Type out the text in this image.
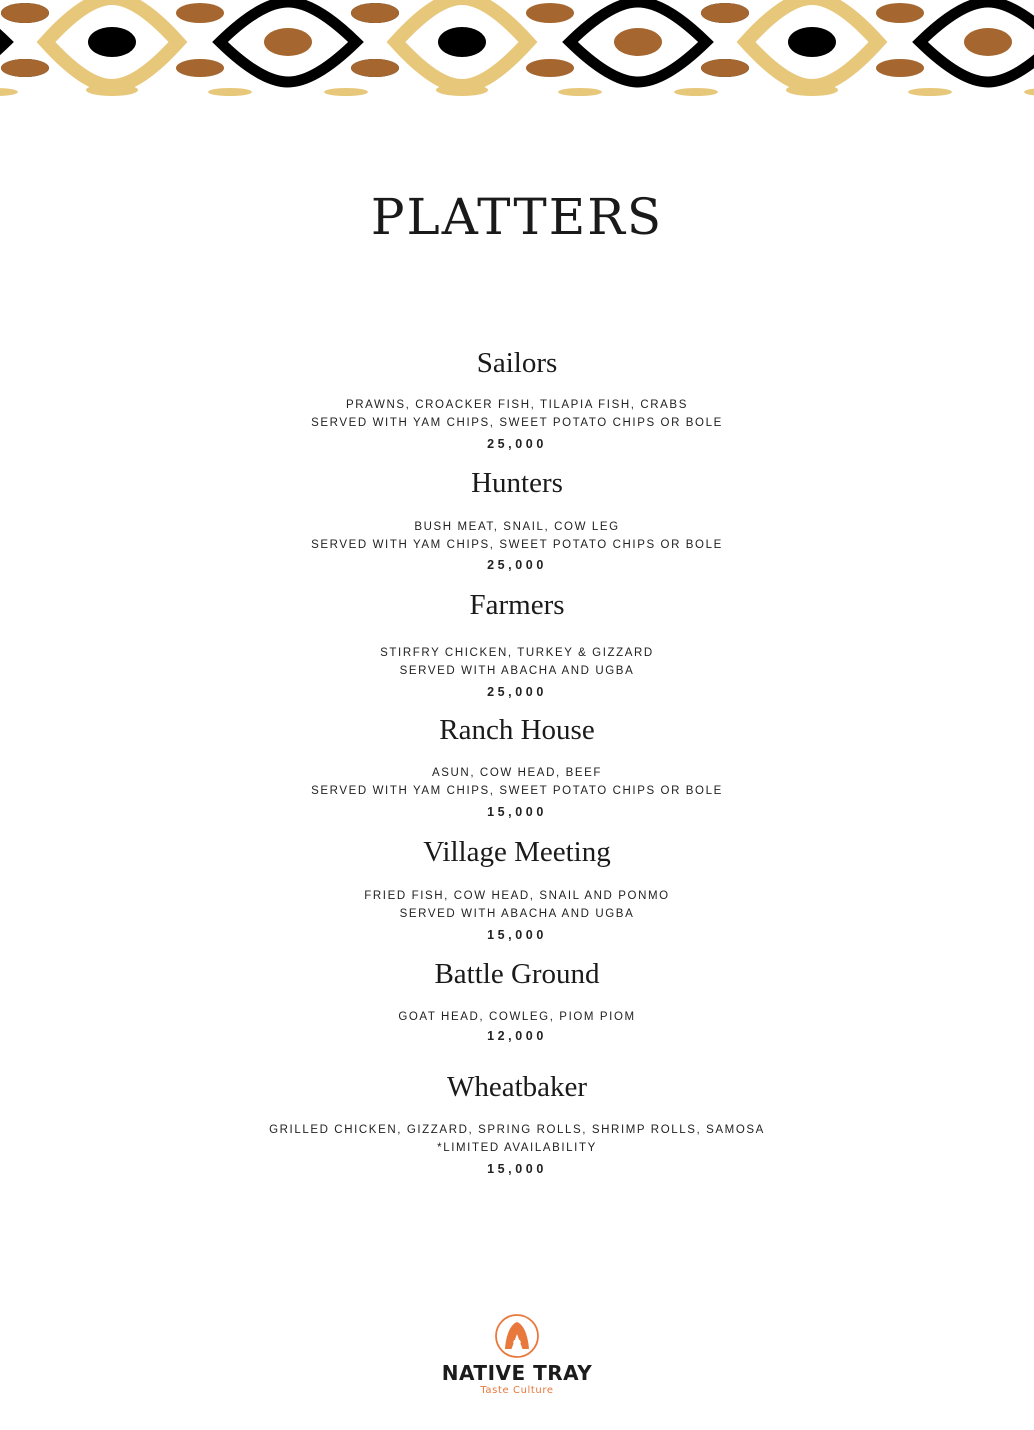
PLATTERS
Sailors
PRAWNS, CROACKER FISH, TILAPIA FISH, CRABS
SERVED WITH YAM CHIPS, SWEET POTATO CHIPS OR BOLE
25,000
Hunters
BUSH MEAT, SNAIL, COW LEG
SERVED WITH YAM CHIPS, SWEET POTATO CHIPS OR BOLE
25,000
Farmers
STIRFRY CHICKEN, TURKEY & GIZZARD
SERVED WITH ABACHA AND UGBA
25,000
Ranch House
ASUN, COW HEAD, BEEF
SERVED WITH YAM CHIPS, SWEET POTATO CHIPS OR BOLE
15,000
Village Meeting
FRIED FISH, COW HEAD, SNAIL AND PONMO
SERVED WITH ABACHA AND UGBA
15,000
Battle Ground
GOAT HEAD, COWLEG, PIOM PIOM
12,000
Wheatbaker
GRILLED CHICKEN, GIZZARD, SPRING ROLLS, SHRIMP ROLLS, SAMOSA
*LIMITED AVAILABILITY
15,000
NATIVE TRAY
Taste Culture
